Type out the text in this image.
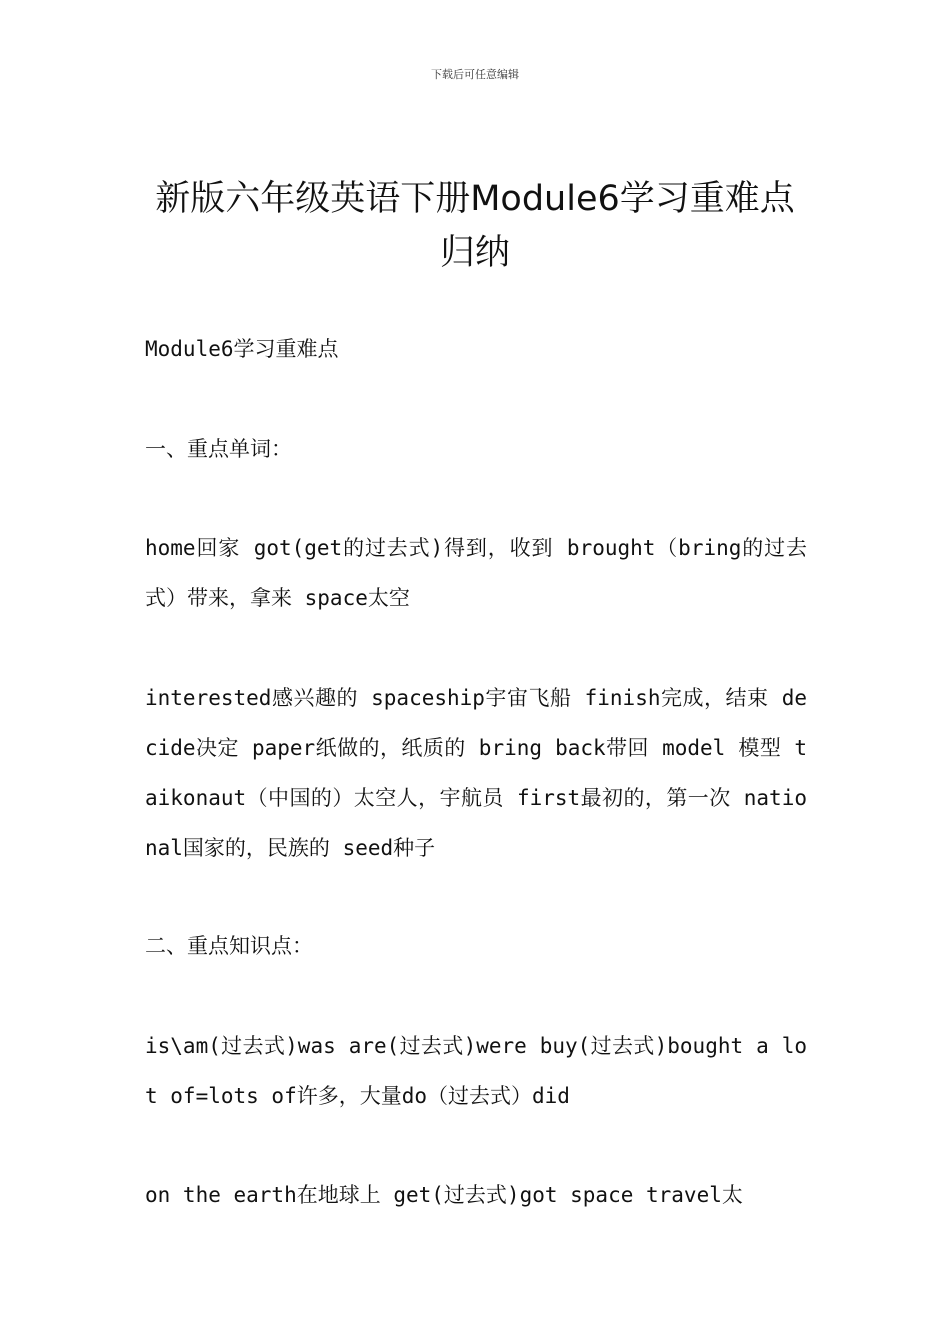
下载后可任意编辑
新版六年级英语下册Module6学习重难点
归纳
Module6学习重难点
一、重点单词：
home回家 got(get的过去式)得到，收到 brought（bring的过去式）带来，拿来 space太空
interested感兴趣的 spaceship宇宙飞船 finish完成，结束 decide决定 paper纸做的，纸质的 bring back带回 model 模型 taikonaut（中国的）太空人，宇航员 first最初的，第一次 national国家的，民族的 seed种子
二、重点知识点：
is\am(过去式)was are(过去式)were buy(过去式)bought a lot of=lots of许多，大量do（过去式）did
on the earth在地球上 get(过去式)got space travel太
